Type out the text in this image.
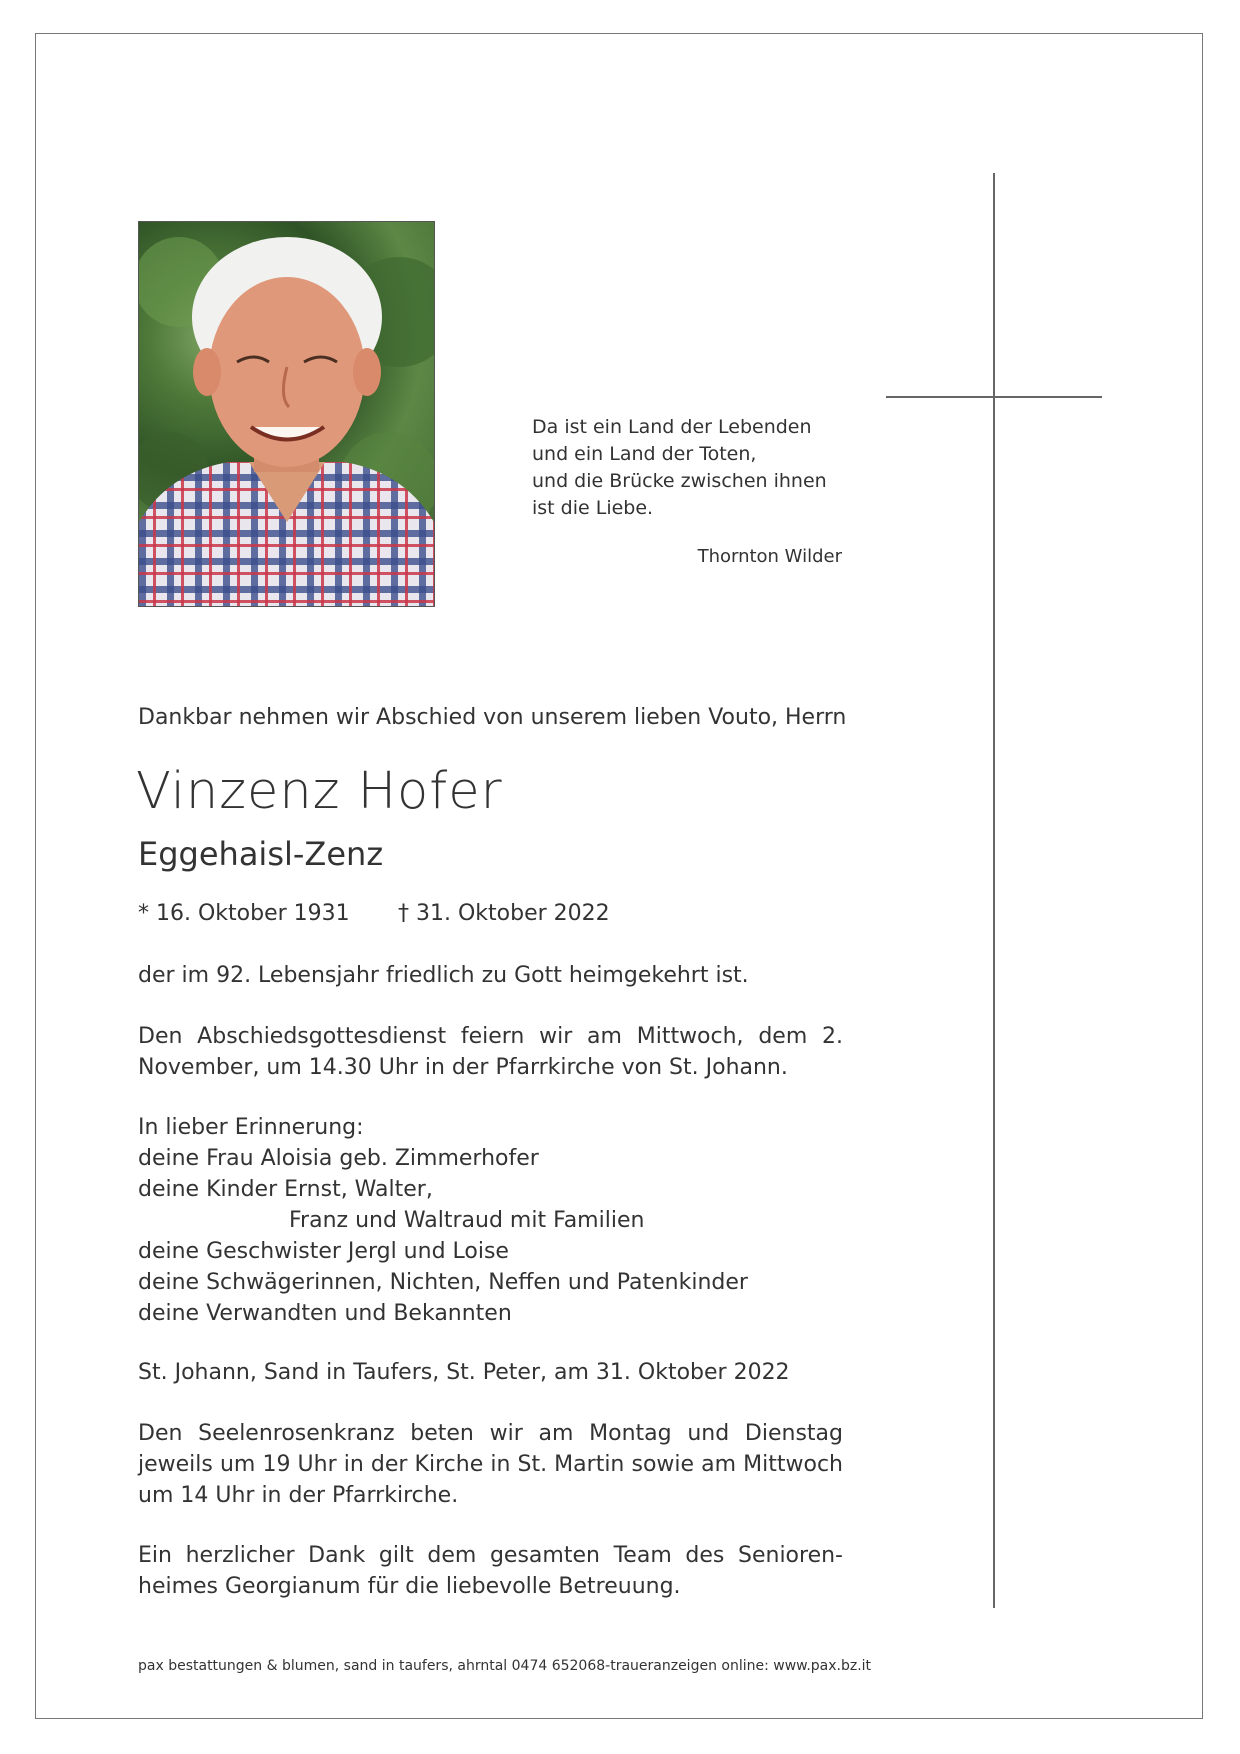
Da ist ein Land der Lebenden
und ein Land der Toten,
und die Brücke zwischen ihnen
ist die Liebe.
Thornton Wilder
Dankbar nehmen wir Abschied von unserem lieben Vouto, Herrn
Vinzenz Hofer
Eggehaisl-Zenz
* 16. Oktober 1931 † 31. Oktober 2022
der im 92. Lebensjahr friedlich zu Gott heimgekehrt ist.
Den Abschiedsgottesdienst feiern wir am Mittwoch, dem 2. November, um 14.30 Uhr in der Pfarrkirche von St. Johann.
In lieber Erinnerung:
deine Frau Aloisia geb. Zimmerhofer
deine Kinder Ernst, Walter,
Franz und Waltraud mit Familien
deine Geschwister Jergl und Loise
deine Schwägerinnen, Nichten, Neffen und Patenkinder
deine Verwandten und Bekannten
St. Johann, Sand in Taufers, St. Peter, am 31. Oktober 2022
Den Seelenrosenkranz beten wir am Montag und Dienstag jeweils um 19 Uhr in der Kirche in St. Martin sowie am Mittwoch um 14 Uhr in der Pfarrkirche.
Ein herzlicher Dank gilt dem gesamten Team des Senioren-heimes Georgianum für die liebevolle Betreuung.
pax bestattungen & blumen, sand in taufers, ahrntal 0474 652068-traueranzeigen online: www.pax.bz.it
